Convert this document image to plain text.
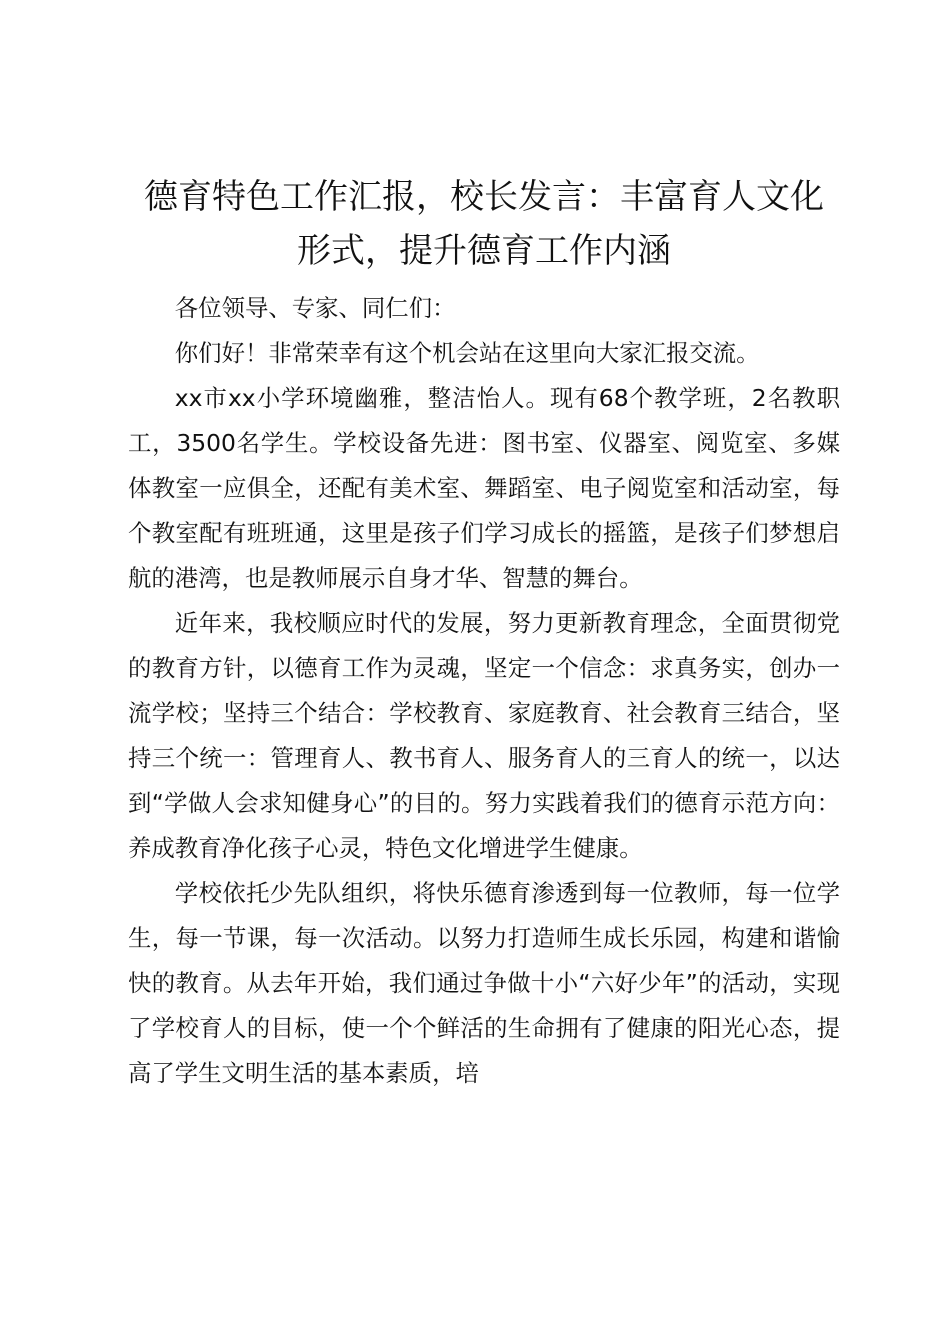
德育特色工作汇报，校长发言：丰富育人文化形式，提升德育工作内涵

各位领导、专家、同仁们：

你们好！非常荣幸有这个机会站在这里向大家汇报交流。

xx市xx小学环境幽雅，整洁怡人。现有68个教学班，2名教职工，3500名学生。学校设备先进：图书室、仪器室、阅览室、多媒体教室一应俱全，还配有美术室、舞蹈室、电子阅览室和活动室，每个教室配有班班通，这里是孩子们学习成长的摇篮，是孩子们梦想启航的港湾，也是教师展示自身才华、智慧的舞台。

近年来，我校顺应时代的发展，努力更新教育理念，全面贯彻党的教育方针，以德育工作为灵魂，坚定一个信念：求真务实，创办一流学校；坚持三个结合：学校教育、家庭教育、社会教育三结合，坚持三个统一：管理育人、教书育人、服务育人的三育人的统一，以达到“学做人会求知健身心”的目的。努力实践着我们的德育示范方向：养成教育净化孩子心灵，特色文化增进学生健康。

学校依托少先队组织，将快乐德育渗透到每一位教师，每一位学生，每一节课，每一次活动。以努力打造师生成长乐园，构建和谐愉快的教育。从去年开始，我们通过争做十小“六好少年”的活动，实现了学校育人的目标，使一个个鲜活的生命拥有了健康的阳光心态，提高了学生文明生活的基本素质，培
